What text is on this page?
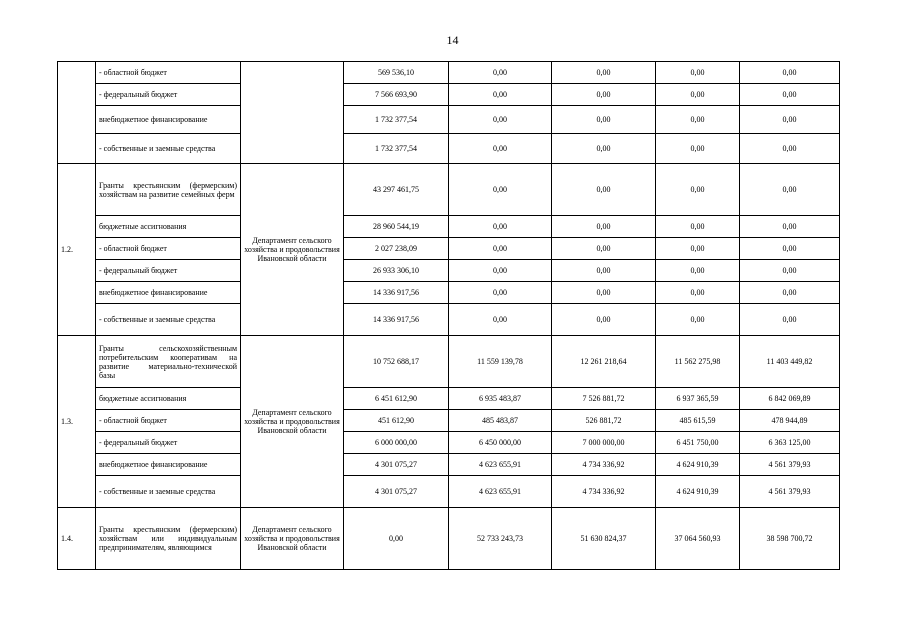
14
	- областной бюджет		569 536,10	0,00	0,00	0,00	0,00
	- федеральный бюджет		7 566 693,90	0,00	0,00	0,00	0,00
	внебюджетное финансирование		1 732 377,54	0,00	0,00	0,00	0,00
	- собственные и заемные средства		1 732 377,54	0,00	0,00	0,00	0,00
1.2.	Гранты крестьянским (фермерским) хозяйствам на развитие семейных ферм	Департамент сельского хозяйства и продовольствия Ивановской области	43 297 461,75	0,00	0,00	0,00	0,00
	бюджетные ассигнования		28 960 544,19	0,00	0,00	0,00	0,00
	- областной бюджет		2 027 238,09	0,00	0,00	0,00	0,00
	- федеральный бюджет		26 933 306,10	0,00	0,00	0,00	0,00
	внебюджетное финансирование		14 336 917,56	0,00	0,00	0,00	0,00
	- собственные и заемные средства		14 336 917,56	0,00	0,00	0,00	0,00
1.3.	Гранты сельскохозяйственным потребительским кооперативам на развитие материально-технической базы	Департамент сельского хозяйства и продовольствия Ивановской области	10 752 688,17	11 559 139,78	12 261 218,64	11 562 275,98	11 403 449,82
	бюджетные ассигнования		6 451 612,90	6 935 483,87	7 526 881,72	6 937 365,59	6 842 069,89
	- областной бюджет		451 612,90	485 483,87	526 881,72	485 615,59	478 944,89
	- федеральный бюджет		6 000 000,00	6 450 000,00	7 000 000,00	6 451 750,00	6 363 125,00
	внебюджетное финансирование		4 301 075,27	4 623 655,91	4 734 336,92	4 624 910,39	4 561 379,93
	- собственные и заемные средства		4 301 075,27	4 623 655,91	4 734 336,92	4 624 910,39	4 561 379,93
1.4.	Гранты крестьянским (фермерским) хозяйствам или индивидуальным предпринимателям, являющимся	Департамент сельского хозяйства и продовольствия Ивановской области	0,00	52 733 243,73	51 630 824,37	37 064 560,93	38 598 700,72
